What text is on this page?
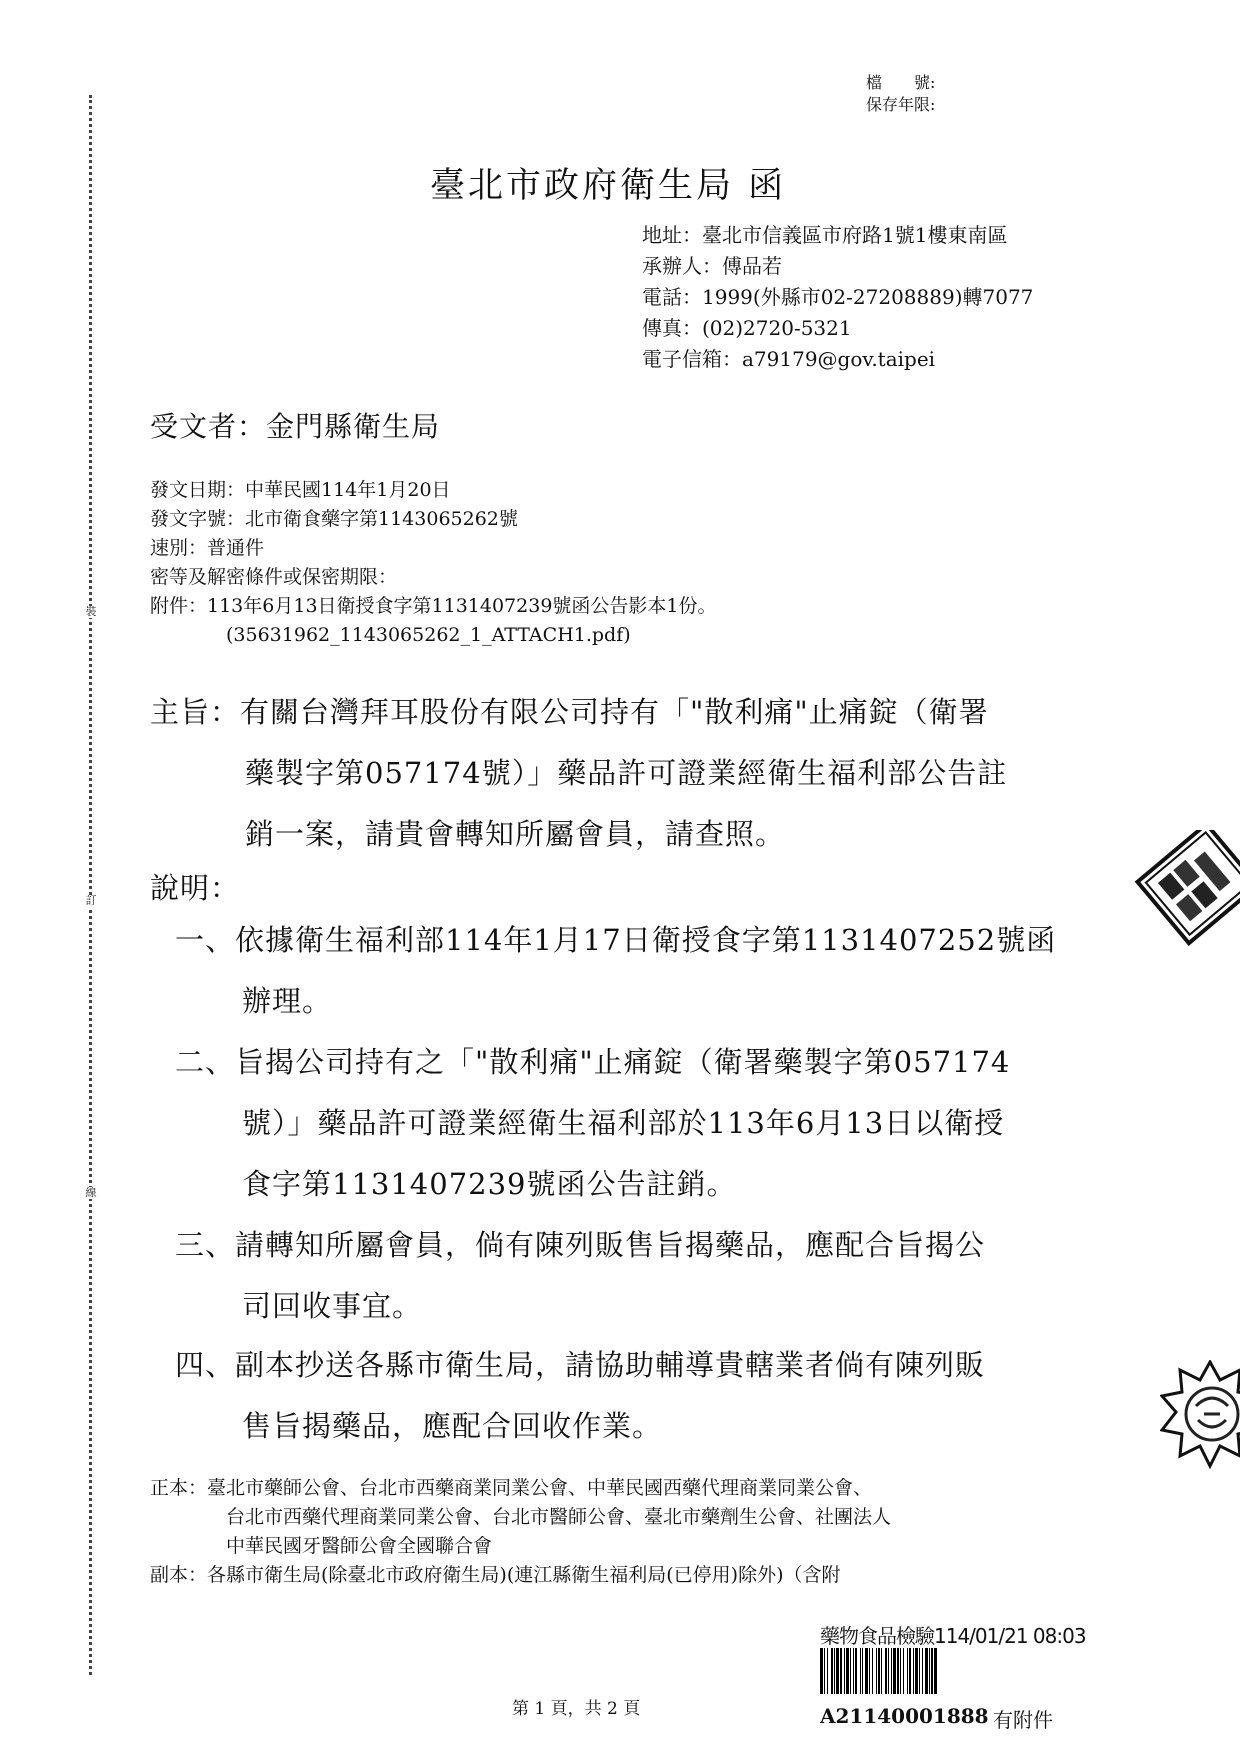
裝
訂
線
檔　　號:
保存年限:
臺北市政府衛生局 函
地址：臺北市信義區市府路1號1樓東南區
承辦人：傅品若
電話：1999(外縣市02-27208889)轉7077
傳真：(02)2720-5321
電子信箱：a79179@gov.taipei
受文者：金門縣衛生局
發文日期：中華民國114年1月20日
發文字號：北市衛食藥字第1143065262號
速別：普通件
密等及解密條件或保密期限：
附件：113年6月13日衛授食字第1131407239號函公告影本1份。
(35631962_1143065262_1_ATTACH1.pdf)
主旨：有關台灣拜耳股份有限公司持有「"散利痛"止痛錠（衛署
藥製字第057174號）」藥品許可證業經衛生福利部公告註
銷一案，請貴會轉知所屬會員，請查照。
說明：
一、依據衛生福利部114年1月17日衛授食字第1131407252號函
辦理。
二、旨揭公司持有之「"散利痛"止痛錠（衛署藥製字第057174
號）」藥品許可證業經衛生福利部於113年6月13日以衛授
食字第1131407239號函公告註銷。
三、請轉知所屬會員，倘有陳列販售旨揭藥品，應配合旨揭公
司回收事宜。
四、副本抄送各縣市衛生局，請協助輔導貴轄業者倘有陳列販
售旨揭藥品，應配合回收作業。
正本：臺北市藥師公會、台北市西藥商業同業公會、中華民國西藥代理商業同業公會、
台北市西藥代理商業同業公會、台北市醫師公會、臺北市藥劑生公會、社團法人
中華民國牙醫師公會全國聯合會
副本：各縣市衛生局(除臺北市政府衛生局)(連江縣衛生福利局(已停用)除外)（含附
第 1 頁，共 2 頁
藥物食品檢驗114/01/21 08:03
A21140001888 有附件
